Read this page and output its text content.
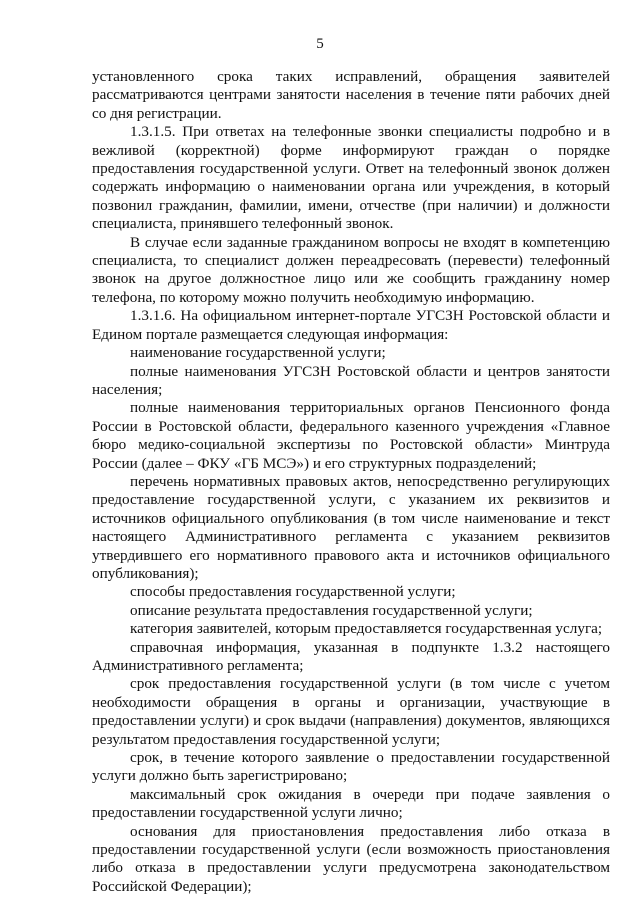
5

установленного срока таких исправлений, обращения заявителей рассматриваются центрами занятости населения в течение пяти рабочих дней со дня регистрации.

1.3.1.5. При ответах на телефонные звонки специалисты подробно и в вежливой (корректной) форме информируют граждан о порядке предоставления государственной услуги. Ответ на телефонный звонок должен содержать информацию о наименовании органа или учреждения, в который позвонил гражданин, фамилии, имени, отчестве (при наличии) и должности специалиста, принявшего телефонный звонок.

В случае если заданные гражданином вопросы не входят в компетенцию специалиста, то специалист должен переадресовать (перевести) телефонный звонок на другое должностное лицо или же сообщить гражданину номер телефона, по которому можно получить необходимую информацию.

1.3.1.6. На официальном интернет-портале УГСЗН Ростовской области и Едином портале размещается следующая информация:

наименование государственной услуги;

полные наименования УГСЗН Ростовской области и центров занятости населения;

полные наименования территориальных органов Пенсионного фонда России в Ростовской области, федерального казенного учреждения «Главное бюро медико-социальной экспертизы по Ростовской области» Минтруда России (далее – ФКУ «ГБ МСЭ») и его структурных подразделений;

перечень нормативных правовых актов, непосредственно регулирующих предоставление государственной услуги, с указанием их реквизитов и источников официального опубликования (в том числе наименование и текст настоящего Административного регламента с указанием реквизитов утвердившего его нормативного правового акта и источников официального опубликования);

способы предоставления государственной услуги;

описание результата предоставления государственной услуги;

категория заявителей, которым предоставляется государственная услуга;

справочная информация, указанная в подпункте 1.3.2 настоящего Административного регламента;

срок предоставления государственной услуги (в том числе с учетом необходимости обращения в органы и организации, участвующие в предоставлении услуги) и срок выдачи (направления) документов, являющихся результатом предоставления государственной услуги;

срок, в течение которого заявление о предоставлении государственной услуги должно быть зарегистрировано;

максимальный срок ожидания в очереди при подаче заявления о предоставлении государственной услуги лично;

основания для приостановления предоставления либо отказа в предоставлении государственной услуги (если возможность приостановления либо отказа в предоставлении услуги предусмотрена законодательством Российской Федерации);
